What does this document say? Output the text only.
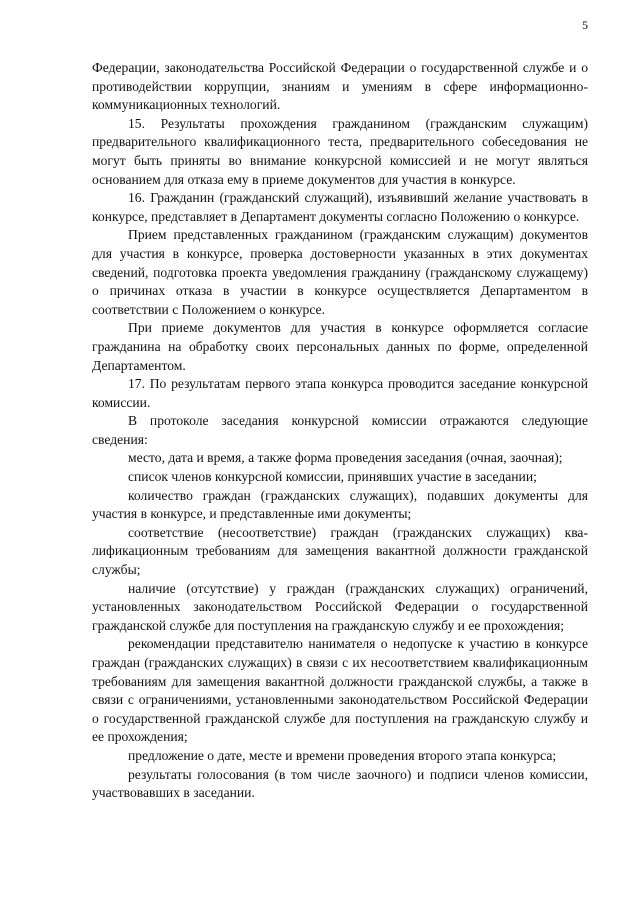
5

Федерации, законодательства Российской Федерации о государственной службе и о противодействии коррупции, знаниям и умениям в сфере информационно-коммуникационных технологий.

15. Результаты прохождения гражданином (гражданским служащим) предварительного квалификационного теста, предварительного собеседования не могут быть приняты во внимание конкурсной комиссией и не могут являться основанием для отказа ему в приеме документов для участия в конкурсе.

16. Гражданин (гражданский служащий), изъявивший желание участвовать в конкурсе, представляет в Департамент документы согласно Положению о конкурсе.

Прием представленных гражданином (гражданским служащим) документов для участия в конкурсе, проверка достоверности указанных в этих документах сведений, подготовка проекта уведомления гражданину (гражданскому служащему) о причинах отказа в участии в конкурсе осуществляется Департаментом в соответствии с Положением о конкурсе.

При приеме документов для участия в конкурсе оформляется согласие гражданина на обработку своих персональных данных по форме, определенной Департаментом.

17. По результатам первого этапа конкурса проводится заседание конкурсной комиссии.

В протоколе заседания конкурсной комиссии отражаются следующие сведения:

место, дата и время, а также форма проведения заседания (очная, заочная);

список членов конкурсной комиссии, принявших участие в заседании;

количество граждан (гражданских служащих), подавших документы для участия в конкурсе, и представленные ими документы;

соответствие (несоответствие) граждан (гражданских служащих) квалификационным требованиям для замещения вакантной должности гражданской службы;

наличие (отсутствие) у граждан (гражданских служащих) ограничений, установленных законодательством Российской Федерации о государственной гражданской службе для поступления на гражданскую службу и ее прохождения;

рекомендации представителю нанимателя о недопуске к участию в конкурсе граждан (гражданских служащих) в связи с их несоответствием квалификационным требованиям для замещения вакантной должности гражданской службы, а также в связи с ограничениями, установленными законодательством Российской Федерации о государственной гражданской службе для поступления на гражданскую службу и ее прохождения;

предложение о дате, месте и времени проведения второго этапа конкурса;

результаты голосования (в том числе заочного) и подписи членов комиссии, участвовавших в заседании.
